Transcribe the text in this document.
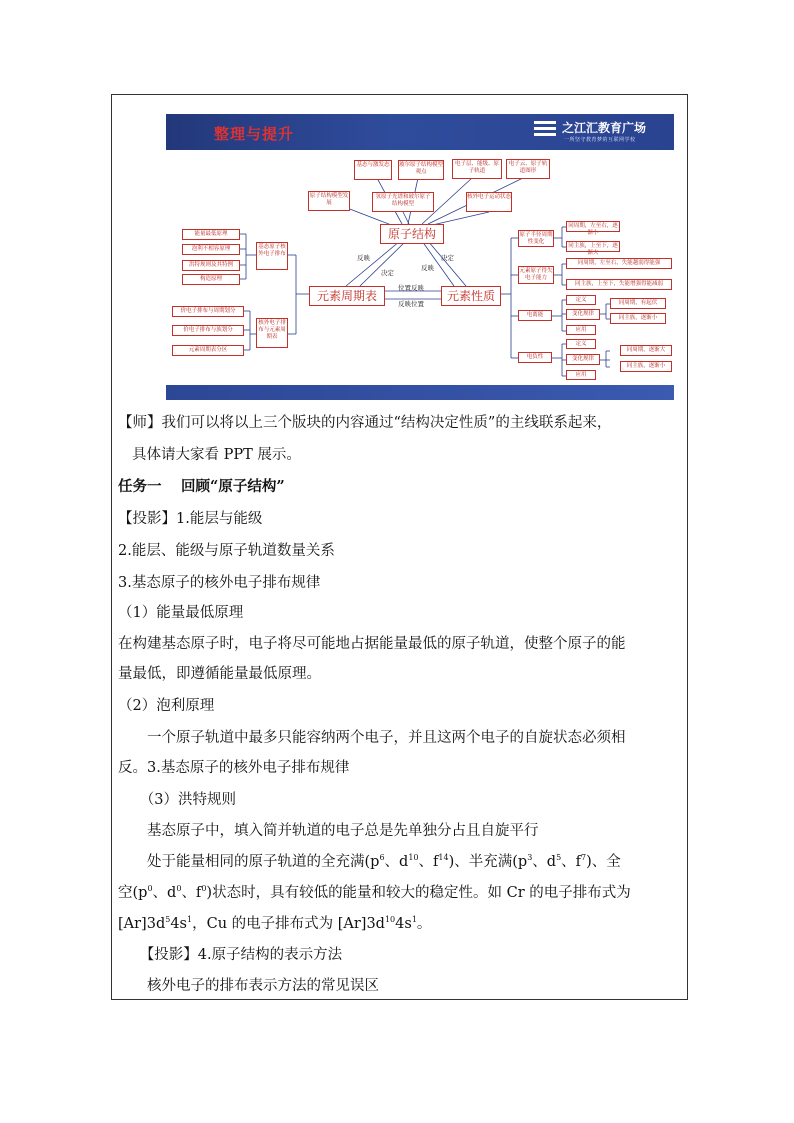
整理与提升	之江汇教育广场
一所坚守教育梦的互联网学校
基态与激发态	玻尔原子结构模型观点
电子层、能级、原子轨道
电子云、原子轨道图形
原子结构模型发展
氢原子光谱和玻尔原子结构模型
核外电子运动状态
原子结构
元素周期表	元素性质
反映
决定
反映
决定
位置反映
反映位置
能量最低原理
泡利不相容原理
洪特规则及其特例
构造原理
基态原子核外电子排布
价电子排布与周期划分
价电子排布与族划分
元素周期表分区
核外电子排布与元素周期表
原子半径周期性变化
同周期，左至右，逐渐小
同主族，上至下，逐渐大
元素原子得失电子能力
同周期，左至右，失能越弱得能强
同主族，上至下，失能增强得能减弱
电离能
定义
变化规律
应用
同周期，有起伏
同主族，逐渐小
电负性
定义
变化规律
应用
同周期，逐渐大
同主族，逐渐小
【师】我们可以将以上三个版块的内容通过“结构决定性质”的主线联系起来，
具体请大家看 PPT 展示。
任务一　 回顾“原子结构”
【投影】1.能层与能级
2.能层、能级与原子轨道数量关系
3.基态原子的核外电子排布规律
（1）能量最低原理
在构建基态原子时，电子将尽可能地占据能量最低的原子轨道，使整个原子的能
量最低，即遵循能量最低原理。
（2）泡利原理
　　一个原子轨道中最多只能容纳两个电子，并且这两个电子的自旋状态必须相
反。3.基态原子的核外电子排布规律
　　（3）洪特规则
　　基态原子中，填入简并轨道的电子总是先单独分占且自旋平行
　　处于能量相同的原子轨道的全充满($p^6$、$d^{10}$、$f^{14}$)、半充满($p^3$、$d^5$、$f^7$)、全
空($p^0$、$d^0$、$f^0$)状态时，具有较低的能量和较大的稳定性。如 Cr 的电子排布式为
$[Ar]3d^54s^1$，Cu 的电子排布式为 $[Ar]3d^{10}4s^1$。
　　【投影】4.原子结构的表示方法
　　核外电子的排布表示方法的常见误区
